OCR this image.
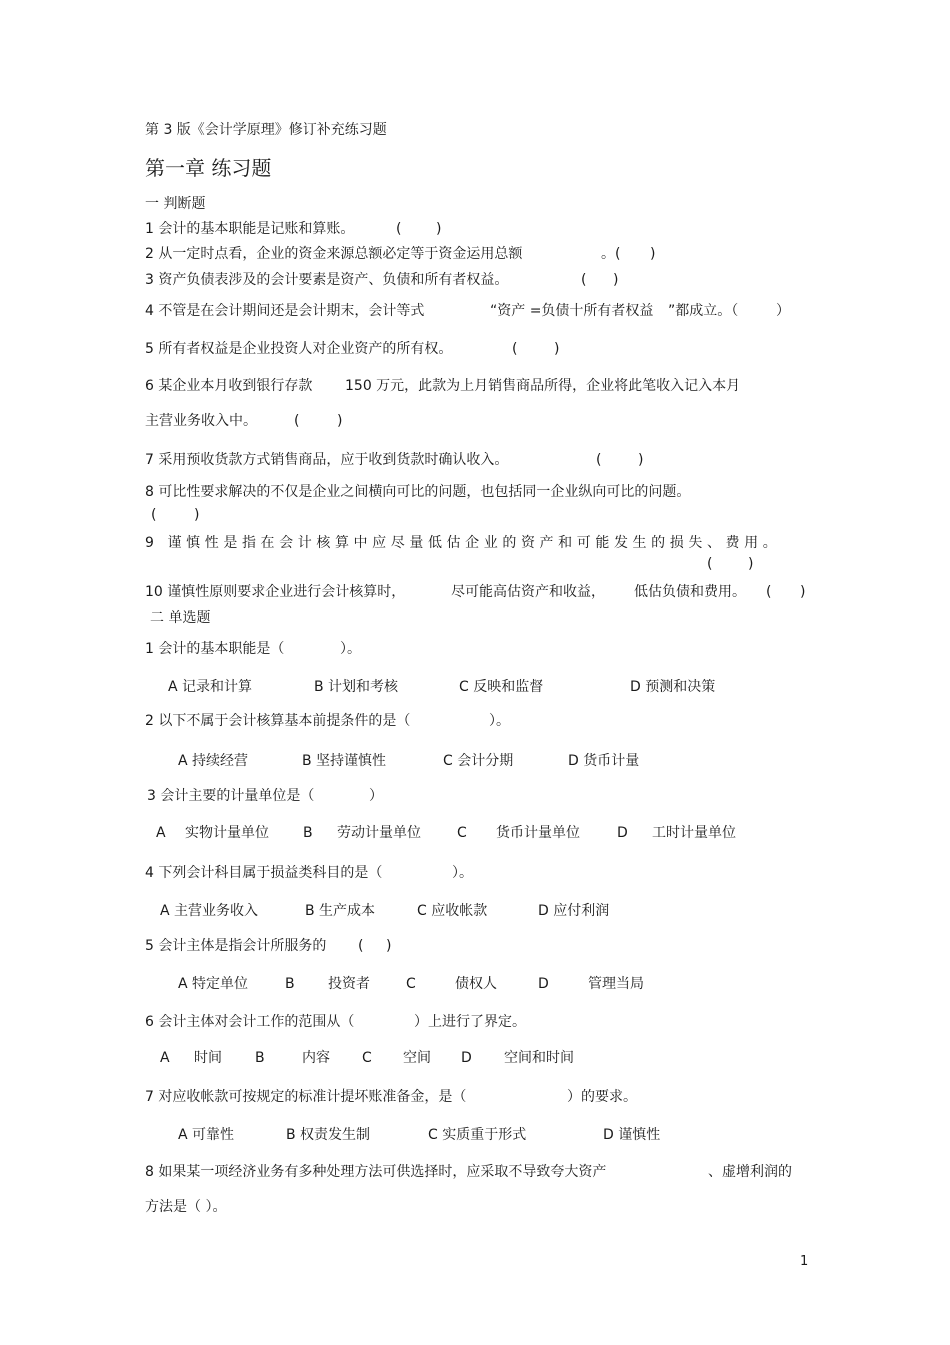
第 3 版《会计学原理》修订补充练习题
第一章 练习题
一 判断题
1 会计的基本职能是记账和算账。	( )
2 从一定时点看，企业的资金来源总额必定等于资金运用总额	。( )
3 资产负债表涉及的会计要素是资产、负债和所有者权益。	( )
4 不管是在会计期间还是会计期末，会计等式	“资产 =负债十所有者权益 ”都成立。（	）
5 所有者权益是企业投资人对企业资产的所有权。	(	)
6 某企业本月收到银行存款 150 万元，此款为上月销售商品所得，企业将此笔收入记入本月
主营业务收入中。	(	)
7 采用预收货款方式销售商品，应于收到货款时确认收入。	(	)
8 可比性要求解决的不仅是企业之间横向可比的问题，也包括同一企业纵向可比的问题。
(	)
9 谨慎性是指在会计核算中应尽量低估企业的资产和可能发生的损失、费用。
(	)
10 谨慎性原则要求企业进行会计核算时，	尽可能高估资产和收益， 低估负债和费用。 ( )
二 单选题
1 会计的基本职能是（	）。
A 记录和计算	B 计划和考核	C 反映和监督	D 预测和决策
2 以下不属于会计核算基本前提条件的是（	）。
A 持续经营	B 坚持谨慎性	C 会计分期	D 货币计量
3 会计主要的计量单位是（	）
A 实物计量单位 B 劳动计量单位	C 货币计量单位	D 工时计量单位
4 下列会计科目属于损益类科目的是（	）。
A 主营业务收入	B 生产成本	C 应收帐款	D 应付利润
5 会计主体是指会计所服务的 ( )
A 特定单位	B 投资者	C	债权人	D	管理当局
6 会计主体对会计工作的范围从（	）上进行了界定。
A 时间 B	内容 C 空间 D 空间和时间
7 对应收帐款可按规定的标准计提坏账准备金，是（	）的要求。
A 可靠性	B 权责发生制	C 实质重于形式	D 谨慎性
8 如果某一项经济业务有多种处理方法可供选择时，应采取不导致夸大资产	、虚增利润的
方法是（ ）。
1
